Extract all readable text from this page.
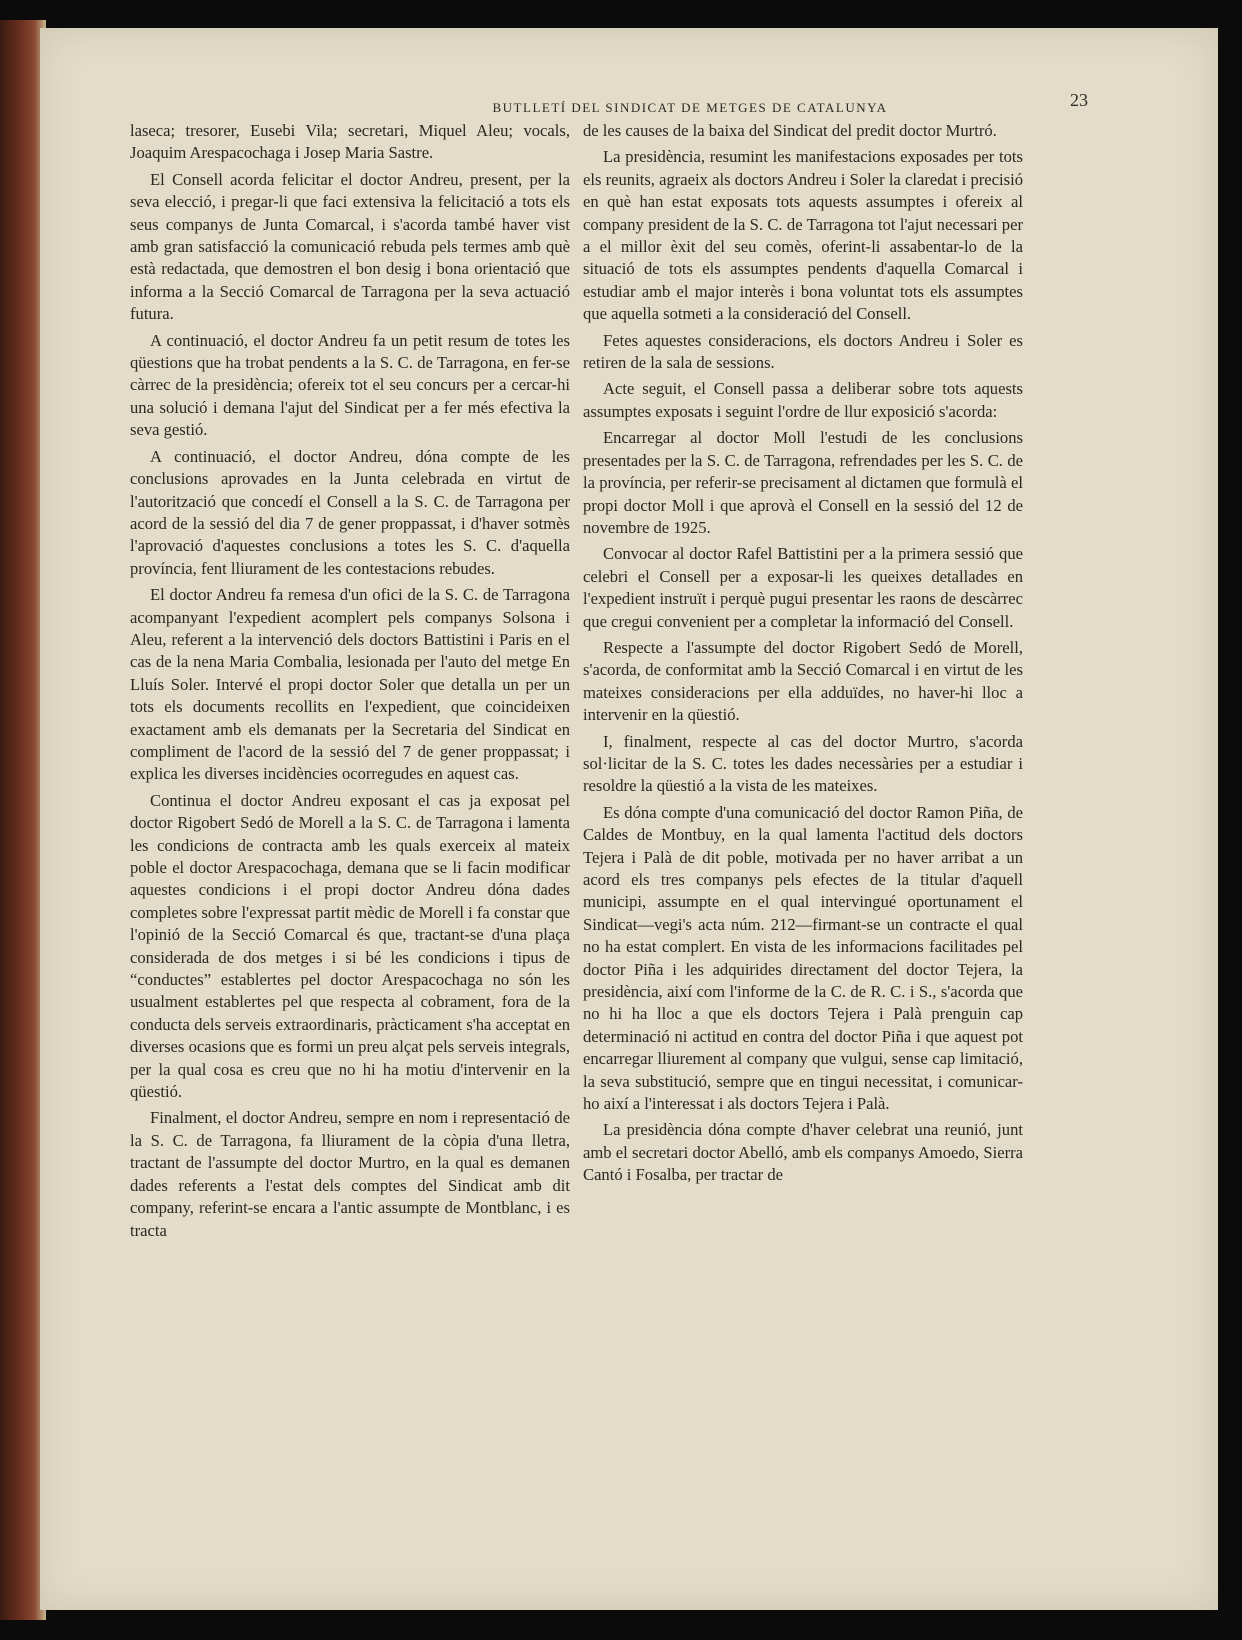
BUTLLETÍ DEL SINDICAT DE METGES DE CATALUNYA	23

laseca; tresorer, Eusebi Vila; secretari, Miquel Aleu; vocals, Joaquim Arespacochaga i Josep Maria Sastre.

El Consell acorda felicitar el doctor Andreu, present, per la seva elecció, i pregar-li que faci extensiva la felicitació a tots els seus companys de Junta Comarcal, i s'acorda també haver vist amb gran satisfacció la comunicació rebuda pels termes amb què està redactada, que demostren el bon desig i bona orientació que informa a la Secció Comarcal de Tarragona per la seva actuació futura.

A continuació, el doctor Andreu fa un petit resum de totes les qüestions que ha trobat pendents a la S. C. de Tarragona, en fer-se càrrec de la presidència; ofereix tot el seu concurs per a cercar-hi una solució i demana l'ajut del Sindicat per a fer més efectiva la seva gestió.

A continuació, el doctor Andreu, dóna compte de les conclusions aprovades en la Junta celebrada en virtut de l'autorització que concedí el Consell a la S. C. de Tarragona per acord de la sessió del dia 7 de gener proppassat, i d'haver sotmès l'aprovació d'aquestes conclusions a totes les S. C. d'aquella província, fent lliurament de les contestacions rebudes.

El doctor Andreu fa remesa d'un ofici de la S. C. de Tarragona acompanyant l'expedient acomplert pels companys Solsona i Aleu, referent a la intervenció dels doctors Battistini i Paris en el cas de la nena Maria Combalia, lesionada per l'auto del metge En Lluís Soler. Intervé el propi doctor Soler que detalla un per un tots els documents recollits en l'expedient, que coincideixen exactament amb els demanats per la Secretaria del Sindicat en compliment de l'acord de la sessió del 7 de gener proppassat; i explica les diverses incidències ocorregudes en aquest cas.

Continua el doctor Andreu exposant el cas ja exposat pel doctor Rigobert Sedó de Morell a la S. C. de Tarragona i lamenta les condicions de contracta amb les quals exerceix al mateix poble el doctor Arespacochaga, demana que se li facin modificar aquestes condicions i el propi doctor Andreu dóna dades completes sobre l'expressat partit mèdic de Morell i fa constar que l'opinió de la Secció Comarcal és que, tractant-se d'una plaça considerada de dos metges i si bé les condicions i tipus de “conductes” establertes pel doctor Arespacochaga no són les usualment establertes pel que respecta al cobrament, fora de la conducta dels serveis extraordinaris, pràcticament s'ha acceptat en diverses ocasions que es formi un preu alçat pels serveis integrals, per la qual cosa es creu que no hi ha motiu d'intervenir en la qüestió.

Finalment, el doctor Andreu, sempre en nom i representació de la S. C. de Tarragona, fa lliurament de la còpia d'una lletra, tractant de l'assumpte del doctor Murtro, en la qual es demanen dades referents a l'estat dels comptes del Sindicat amb dit company, referint-se encara a l'antic assumpte de Montblanc, i es tracta

de les causes de la baixa del Sindicat del predit doctor Murtró.

La presidència, resumint les manifestacions exposades per tots els reunits, agraeix als doctors Andreu i Soler la claredat i precisió en què han estat exposats tots aquests assumptes i ofereix al company president de la S. C. de Tarragona tot l'ajut necessari per a el millor èxit del seu comès, oferint-li assabentar-lo de la situació de tots els assumptes pendents d'aquella Comarcal i estudiar amb el major interès i bona voluntat tots els assumptes que aquella sotmeti a la consideració del Consell.

Fetes aquestes consideracions, els doctors Andreu i Soler es retiren de la sala de sessions.

Acte seguit, el Consell passa a deliberar sobre tots aquests assumptes exposats i seguint l'ordre de llur exposició s'acorda:

Encarregar al doctor Moll l'estudi de les conclusions presentades per la S. C. de Tarragona, refrendades per les S. C. de la província, per referir-se precisament al dictamen que formulà el propi doctor Moll i que aprovà el Consell en la sessió del 12 de novembre de 1925.

Convocar al doctor Rafel Battistini per a la primera sessió que celebri el Consell per a exposar-li les queixes detallades en l'expedient instruït i perquè pugui presentar les raons de descàrrec que cregui convenient per a completar la informació del Consell.

Respecte a l'assumpte del doctor Rigobert Sedó de Morell, s'acorda, de conformitat amb la Secció Comarcal i en virtut de les mateixes consideracions per ella adduïdes, no haver-hi lloc a intervenir en la qüestió.

I, finalment, respecte al cas del doctor Murtro, s'acorda sol·licitar de la S. C. totes les dades necessàries per a estudiar i resoldre la qüestió a la vista de les mateixes.

Es dóna compte d'una comunicació del doctor Ramon Piña, de Caldes de Montbuy, en la qual lamenta l'actitud dels doctors Tejera i Palà de dit poble, motivada per no haver arribat a un acord els tres companys pels efectes de la titular d'aquell municipi, assumpte en el qual intervingué oportunament el Sindicat—vegi's acta núm. 212—firmant-se un contracte el qual no ha estat complert. En vista de les informacions facilitades pel doctor Piña i les adquirides directament del doctor Tejera, la presidència, així com l'informe de la C. de R. C. i S., s'acorda que no hi ha lloc a que els doctors Tejera i Palà prenguin cap determinació ni actitud en contra del doctor Piña i que aquest pot encarregar lliurement al company que vulgui, sense cap limitació, la seva substitució, sempre que en tingui necessitat, i comunicar-ho així a l'interessat i als doctors Tejera i Palà.

La presidència dóna compte d'haver celebrat una reunió, junt amb el secretari doctor Abelló, amb els companys Amoedo, Sierra Cantó i Fosalba, per tractar de
